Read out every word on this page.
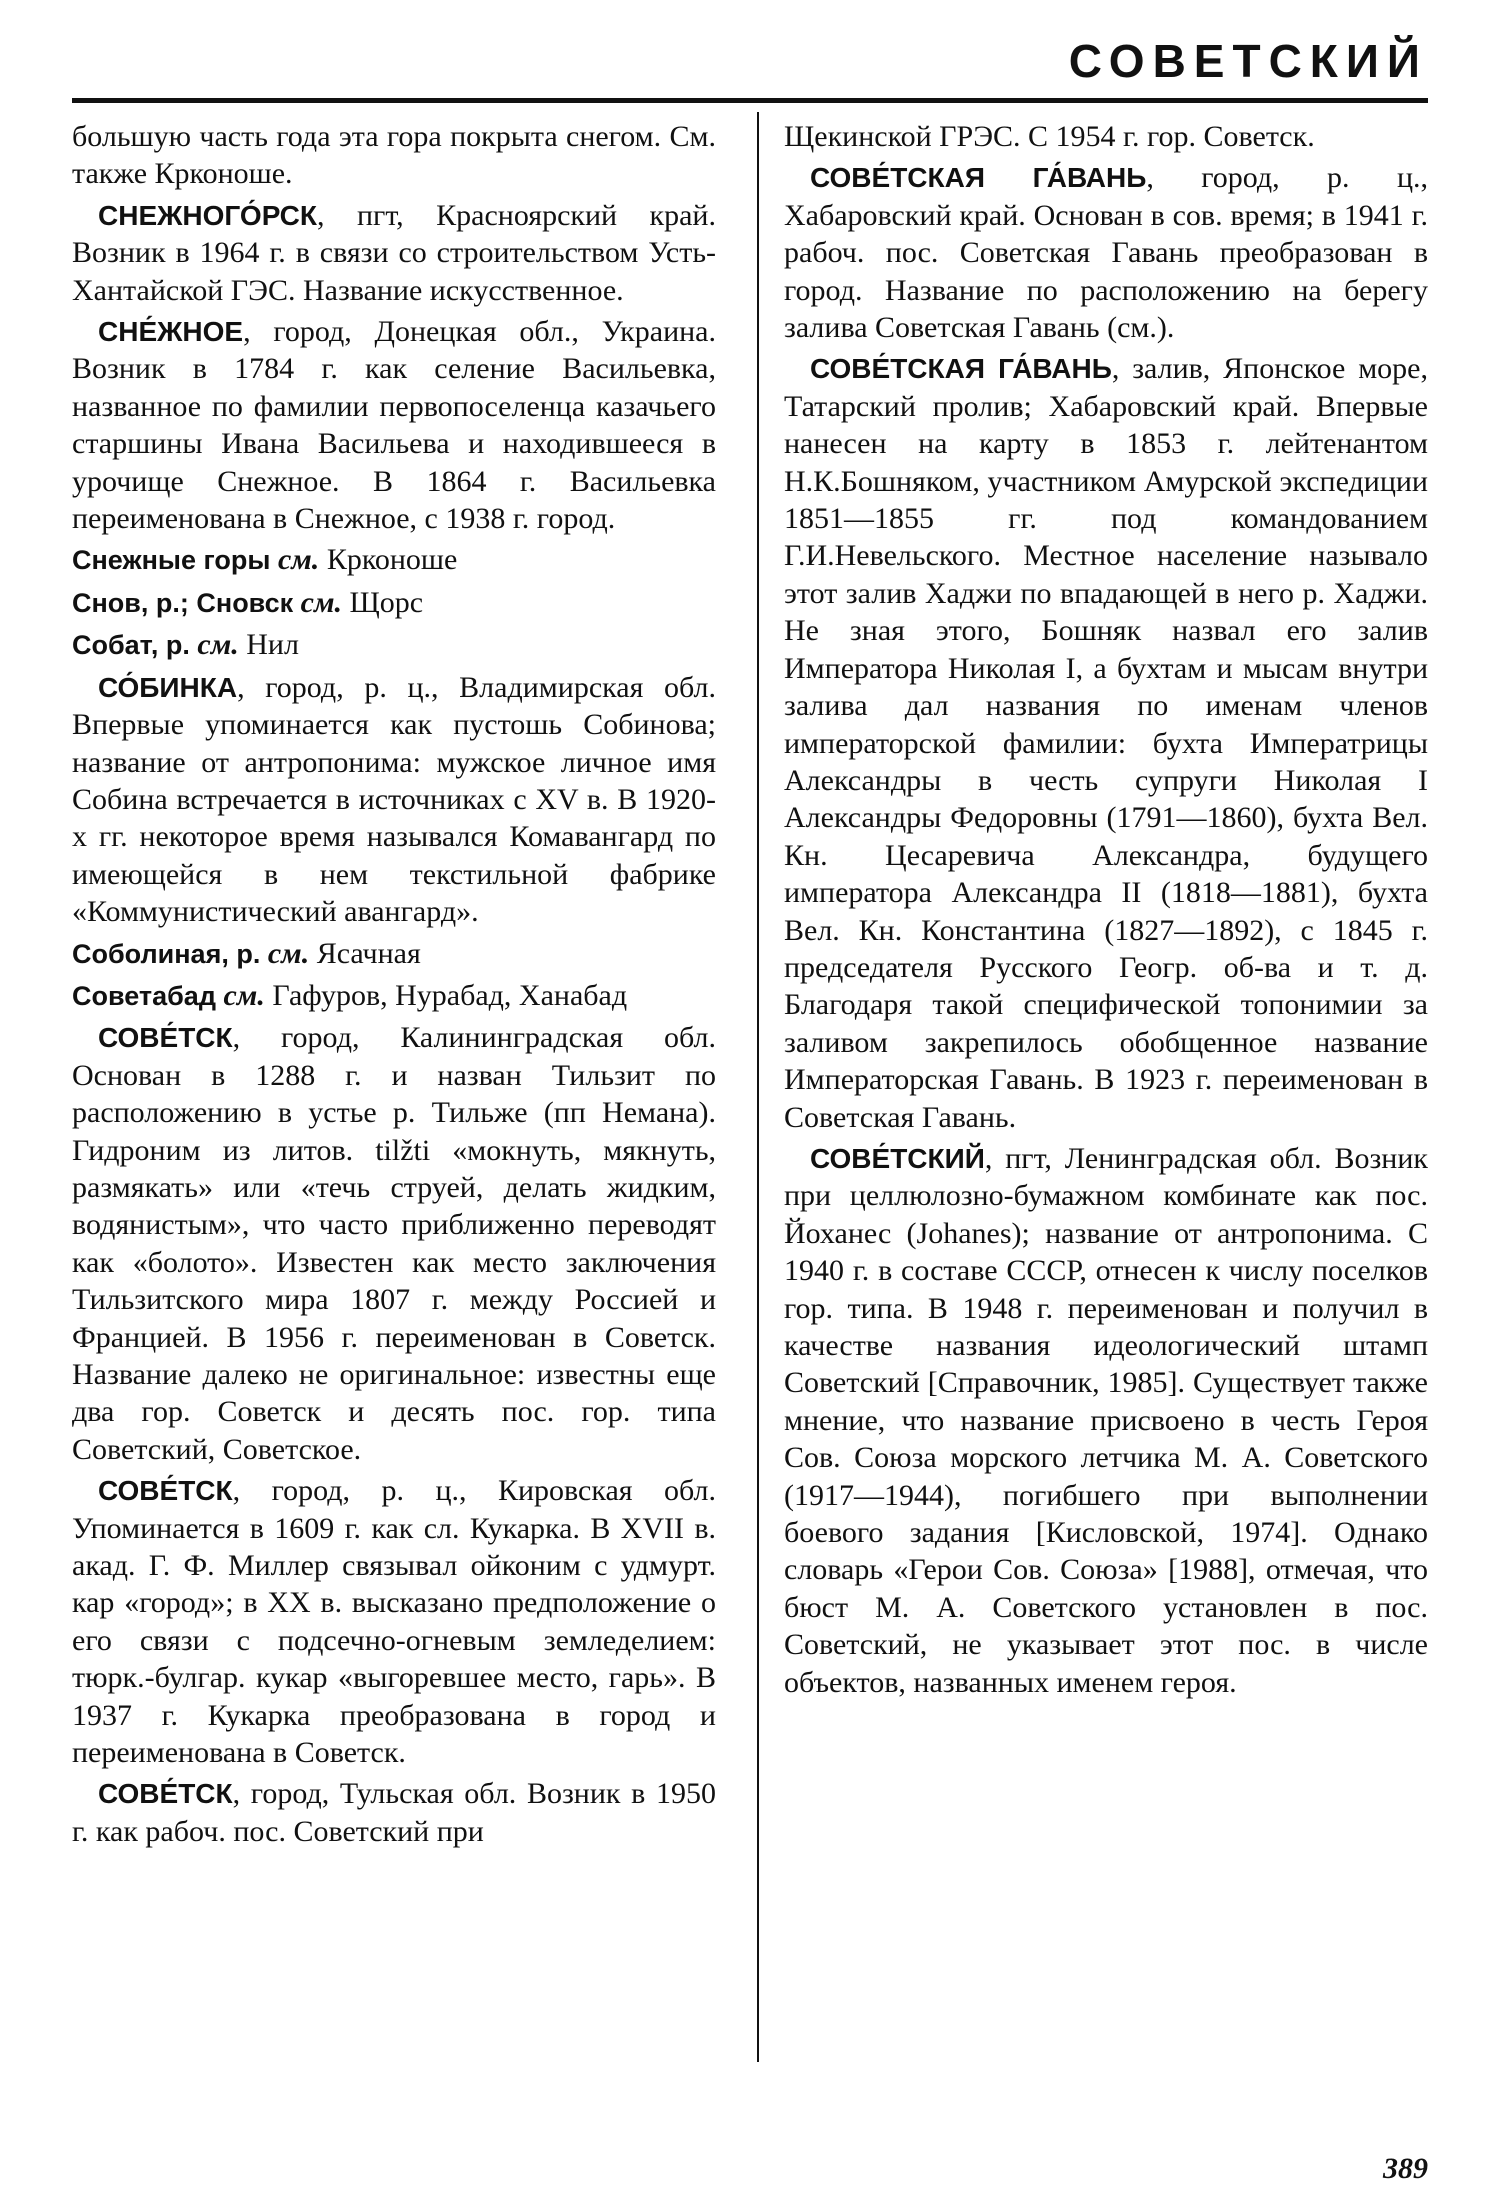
СОВЕТСКИЙ

большую часть года эта гора покрыта снегом. См. также Крконоше.

СНЕЖНОГО́РСК, пгт, Красноярский край. Возник в 1964 г. в связи со строительством Усть-Хантайской ГЭС. Название искусственное.

СНЕ́ЖНОЕ, город, Донецкая обл., Украина. Возник в 1784 г. как селение Васильевка, названное по фамилии первопоселенца казачьего старшины Ивана Васильева и находившееся в урочище Снежное. В 1864 г. Васильевка переименована в Снежное, с 1938 г. город.

Снежные горы см. Крконоше

Снов, р.; Сновск см. Щорс

Собат, р. см. Нил

СО́БИНКА, город, р. ц., Владимирская обл. Впервые упоминается как пустошь Собинова; название от антропонима: мужское личное имя Собина встречается в источниках с XV в. В 1920-х гг. некоторое время назывался Комавангард по имеющейся в нем текстильной фабрике «Коммунистический авангард».

Соболиная, р. см. Ясачная

Советабад см. Гафуров, Нурабад, Ханабад

СОВЕ́ТСК, город, Калининградская обл. Основан в 1288 г. и назван Тильзит по расположению в устье р. Тильже (пп Немана). Гидроним из литов. tilžti «мокнуть, мякнуть, размякать» или «течь струей, делать жидким, водянистым», что часто приближенно переводят как «болото». Известен как место заключения Тильзитского мира 1807 г. между Россией и Францией. В 1956 г. переименован в Советск. Название далеко не оригинальное: известны еще два гор. Советск и десять пос. гор. типа Советский, Советское.

СОВЕ́ТСК, город, р. ц., Кировская обл. Упоминается в 1609 г. как сл. Кукарка. В XVII в. акад. Г. Ф. Миллер связывал ойконим с удмурт. кар «город»; в XX в. высказано предположение о его связи с подсечно-огневым земледелием: тюрк.-булгар. кукар «выгоревшее место, гарь». В 1937 г. Кукарка преобразована в город и переименована в Советск.

СОВЕ́ТСК, город, Тульская обл. Возник в 1950 г. как рабоч. пос. Советский при

Щекинской ГРЭС. С 1954 г. гор. Советск.

СОВЕ́ТСКАЯ ГА́ВАНЬ, город, р. ц., Хабаровский край. Основан в сов. время; в 1941 г. рабоч. пос. Советская Гавань преобразован в город. Название по расположению на берегу залива Советская Гавань (см.).

СОВЕ́ТСКАЯ ГА́ВАНЬ, залив, Японское море, Татарский пролив; Хабаровский край. Впервые нанесен на карту в 1853 г. лейтенантом Н.К.Бошняком, участником Амурской экспедиции 1851—1855 гг. под командованием Г.И.Невельского. Местное население называло этот залив Хаджи по впадающей в него р. Хаджи. Не зная этого, Бошняк назвал его залив Императора Николая I, а бухтам и мысам внутри залива дал названия по именам членов императорской фамилии: бухта Императрицы Александры в честь супруги Николая I Александры Федоровны (1791—1860), бухта Вел. Кн. Цесаревича Александра, будущего императора Александра II (1818—1881), бухта Вел. Кн. Константина (1827—1892), с 1845 г. председателя Русского Геогр. об-ва и т. д. Благодаря такой специфической топонимии за заливом закрепилось обобщенное название Императорская Гавань. В 1923 г. переименован в Советская Гавань.

СОВЕ́ТСКИЙ, пгт, Ленинградская обл. Возник при целлюлозно-бумажном комбинате как пос. Йоханес (Johanes); название от антропонима. С 1940 г. в составе СССР, отнесен к числу поселков гор. типа. В 1948 г. переименован и получил в качестве названия идеологический штамп Советский [Справочник, 1985]. Существует также мнение, что название присвоено в честь Героя Сов. Союза морского летчика М. А. Советского (1917—1944), погибшего при выполнении боевого задания [Кисловской, 1974]. Однако словарь «Герои Сов. Союза» [1988], отмечая, что бюст М. А. Советского установлен в пос. Советский, не указывает этот пос. в числе объектов, названных именем героя.

389
